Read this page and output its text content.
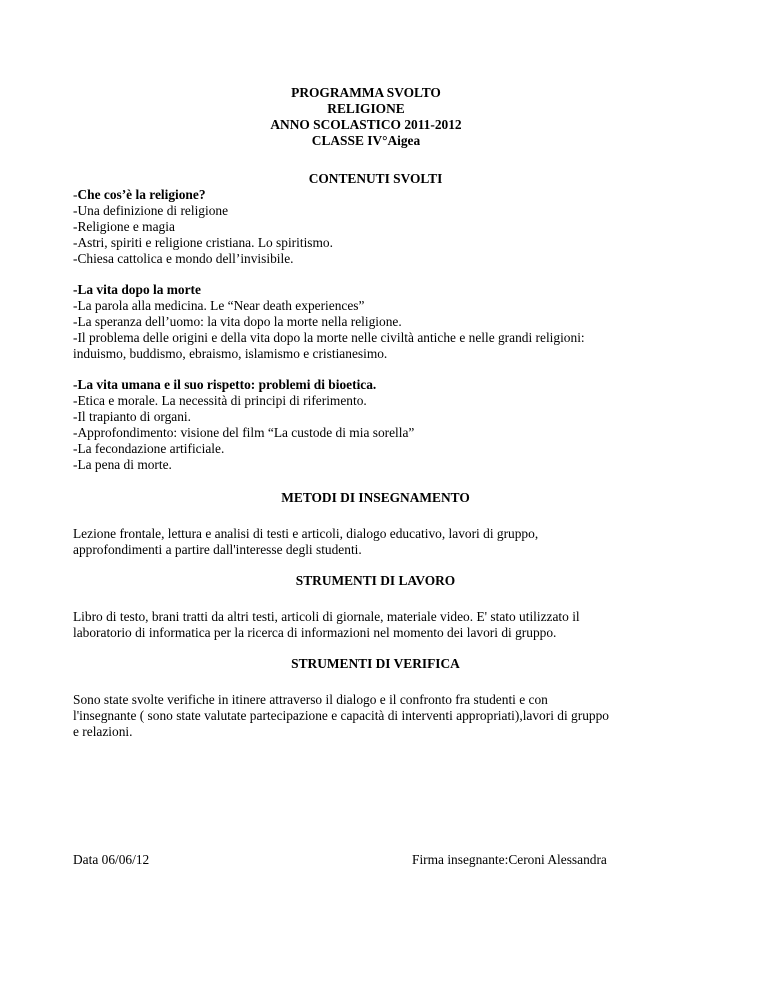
PROGRAMMA SVOLTO

RELIGIONE

ANNO SCOLASTICO 2011-2012

CLASSE IV°Aigea

CONTENUTI SVOLTI

-Che cos’è la religione?

-Una definizione di religione

-Religione e magia

-Astri, spiriti e religione cristiana. Lo spiritismo.

-Chiesa cattolica e mondo dell’invisibile.

-La vita dopo la morte

-La parola alla medicina. Le “Near death experiences”

-La speranza dell’uomo: la vita dopo la morte nella religione.

-Il problema delle origini e della vita dopo la morte nelle civiltà antiche e nelle grandi religioni:

induismo, buddismo, ebraismo, islamismo e cristianesimo.

-La vita umana e il suo rispetto: problemi di bioetica.

-Etica e morale. La necessità di principi di riferimento.

-Il trapianto di organi.

-Approfondimento: visione del film “La custode di mia sorella”

-La fecondazione artificiale.

-La pena di morte.

METODI DI INSEGNAMENTO

Lezione frontale, lettura e analisi di testi e articoli, dialogo educativo, lavori di gruppo,

approfondimenti a partire dall'interesse degli studenti.

STRUMENTI DI LAVORO

Libro di testo, brani tratti da altri testi, articoli di giornale, materiale video. E' stato utilizzato il

laboratorio di informatica per la ricerca di informazioni nel momento dei lavori di gruppo.

STRUMENTI DI VERIFICA

Sono state svolte verifiche in itinere attraverso il dialogo e il confronto fra studenti e con

l'insegnante ( sono state valutate partecipazione e capacità di interventi appropriati),lavori di gruppo

e relazioni.

Data 06/06/12	Firma insegnante:Ceroni Alessandra
